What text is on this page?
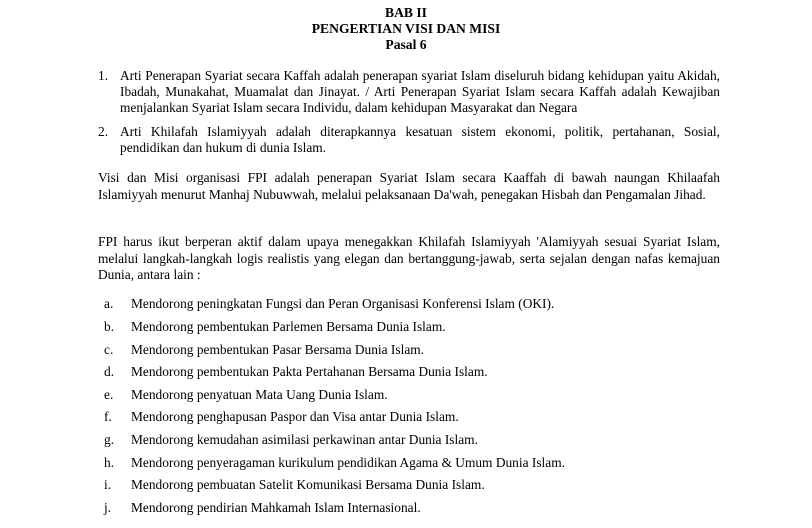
BAB II
PENGERTIAN VISI DAN MISI
Pasal 6
1. Arti Penerapan Syariat secara Kaffah adalah penerapan syariat Islam diseluruh bidang kehidupan yaitu Akidah, Ibadah, Munakahat, Muamalat dan Jinayat. / Arti Penerapan Syariat Islam secara Kaffah adalah Kewajiban menjalankan Syariat Islam secara Individu, dalam kehidupan Masyarakat dan Negara
2. Arti Khilafah Islamiyyah adalah diterapkannya kesatuan sistem ekonomi, politik, pertahanan, Sosial, pendidikan dan hukum di dunia Islam.
Visi dan Misi organisasi FPI adalah penerapan Syariat Islam secara Kaaffah di bawah naungan Khilaafah Islamiyyah menurut Manhaj Nubuwwah, melalui pelaksanaan Da'wah, penegakan Hisbah dan Pengamalan Jihad.
FPI harus ikut berperan aktif dalam upaya menegakkan Khilafah Islamiyyah 'Alamiyyah sesuai Syariat Islam, melalui langkah-langkah logis realistis yang elegan dan bertanggung-jawab, serta sejalan dengan nafas kemajuan Dunia, antara lain :
a. Mendorong peningkatan Fungsi dan Peran Organisasi Konferensi Islam (OKI).
b. Mendorong pembentukan Parlemen Bersama Dunia Islam.
c. Mendorong pembentukan Pasar Bersama Dunia Islam.
d. Mendorong pembentukan Pakta Pertahanan Bersama Dunia Islam.
e. Mendorong penyatuan Mata Uang Dunia Islam.
f. Mendorong penghapusan Paspor dan Visa antar Dunia Islam.
g. Mendorong kemudahan asimilasi perkawinan antar Dunia Islam.
h. Mendorong penyeragaman kurikulum pendidikan Agama & Umum Dunia Islam.
i. Mendorong pembuatan Satelit Komunikasi Bersama Dunia Islam.
j. Mendorong pendirian Mahkamah Islam Internasional.
